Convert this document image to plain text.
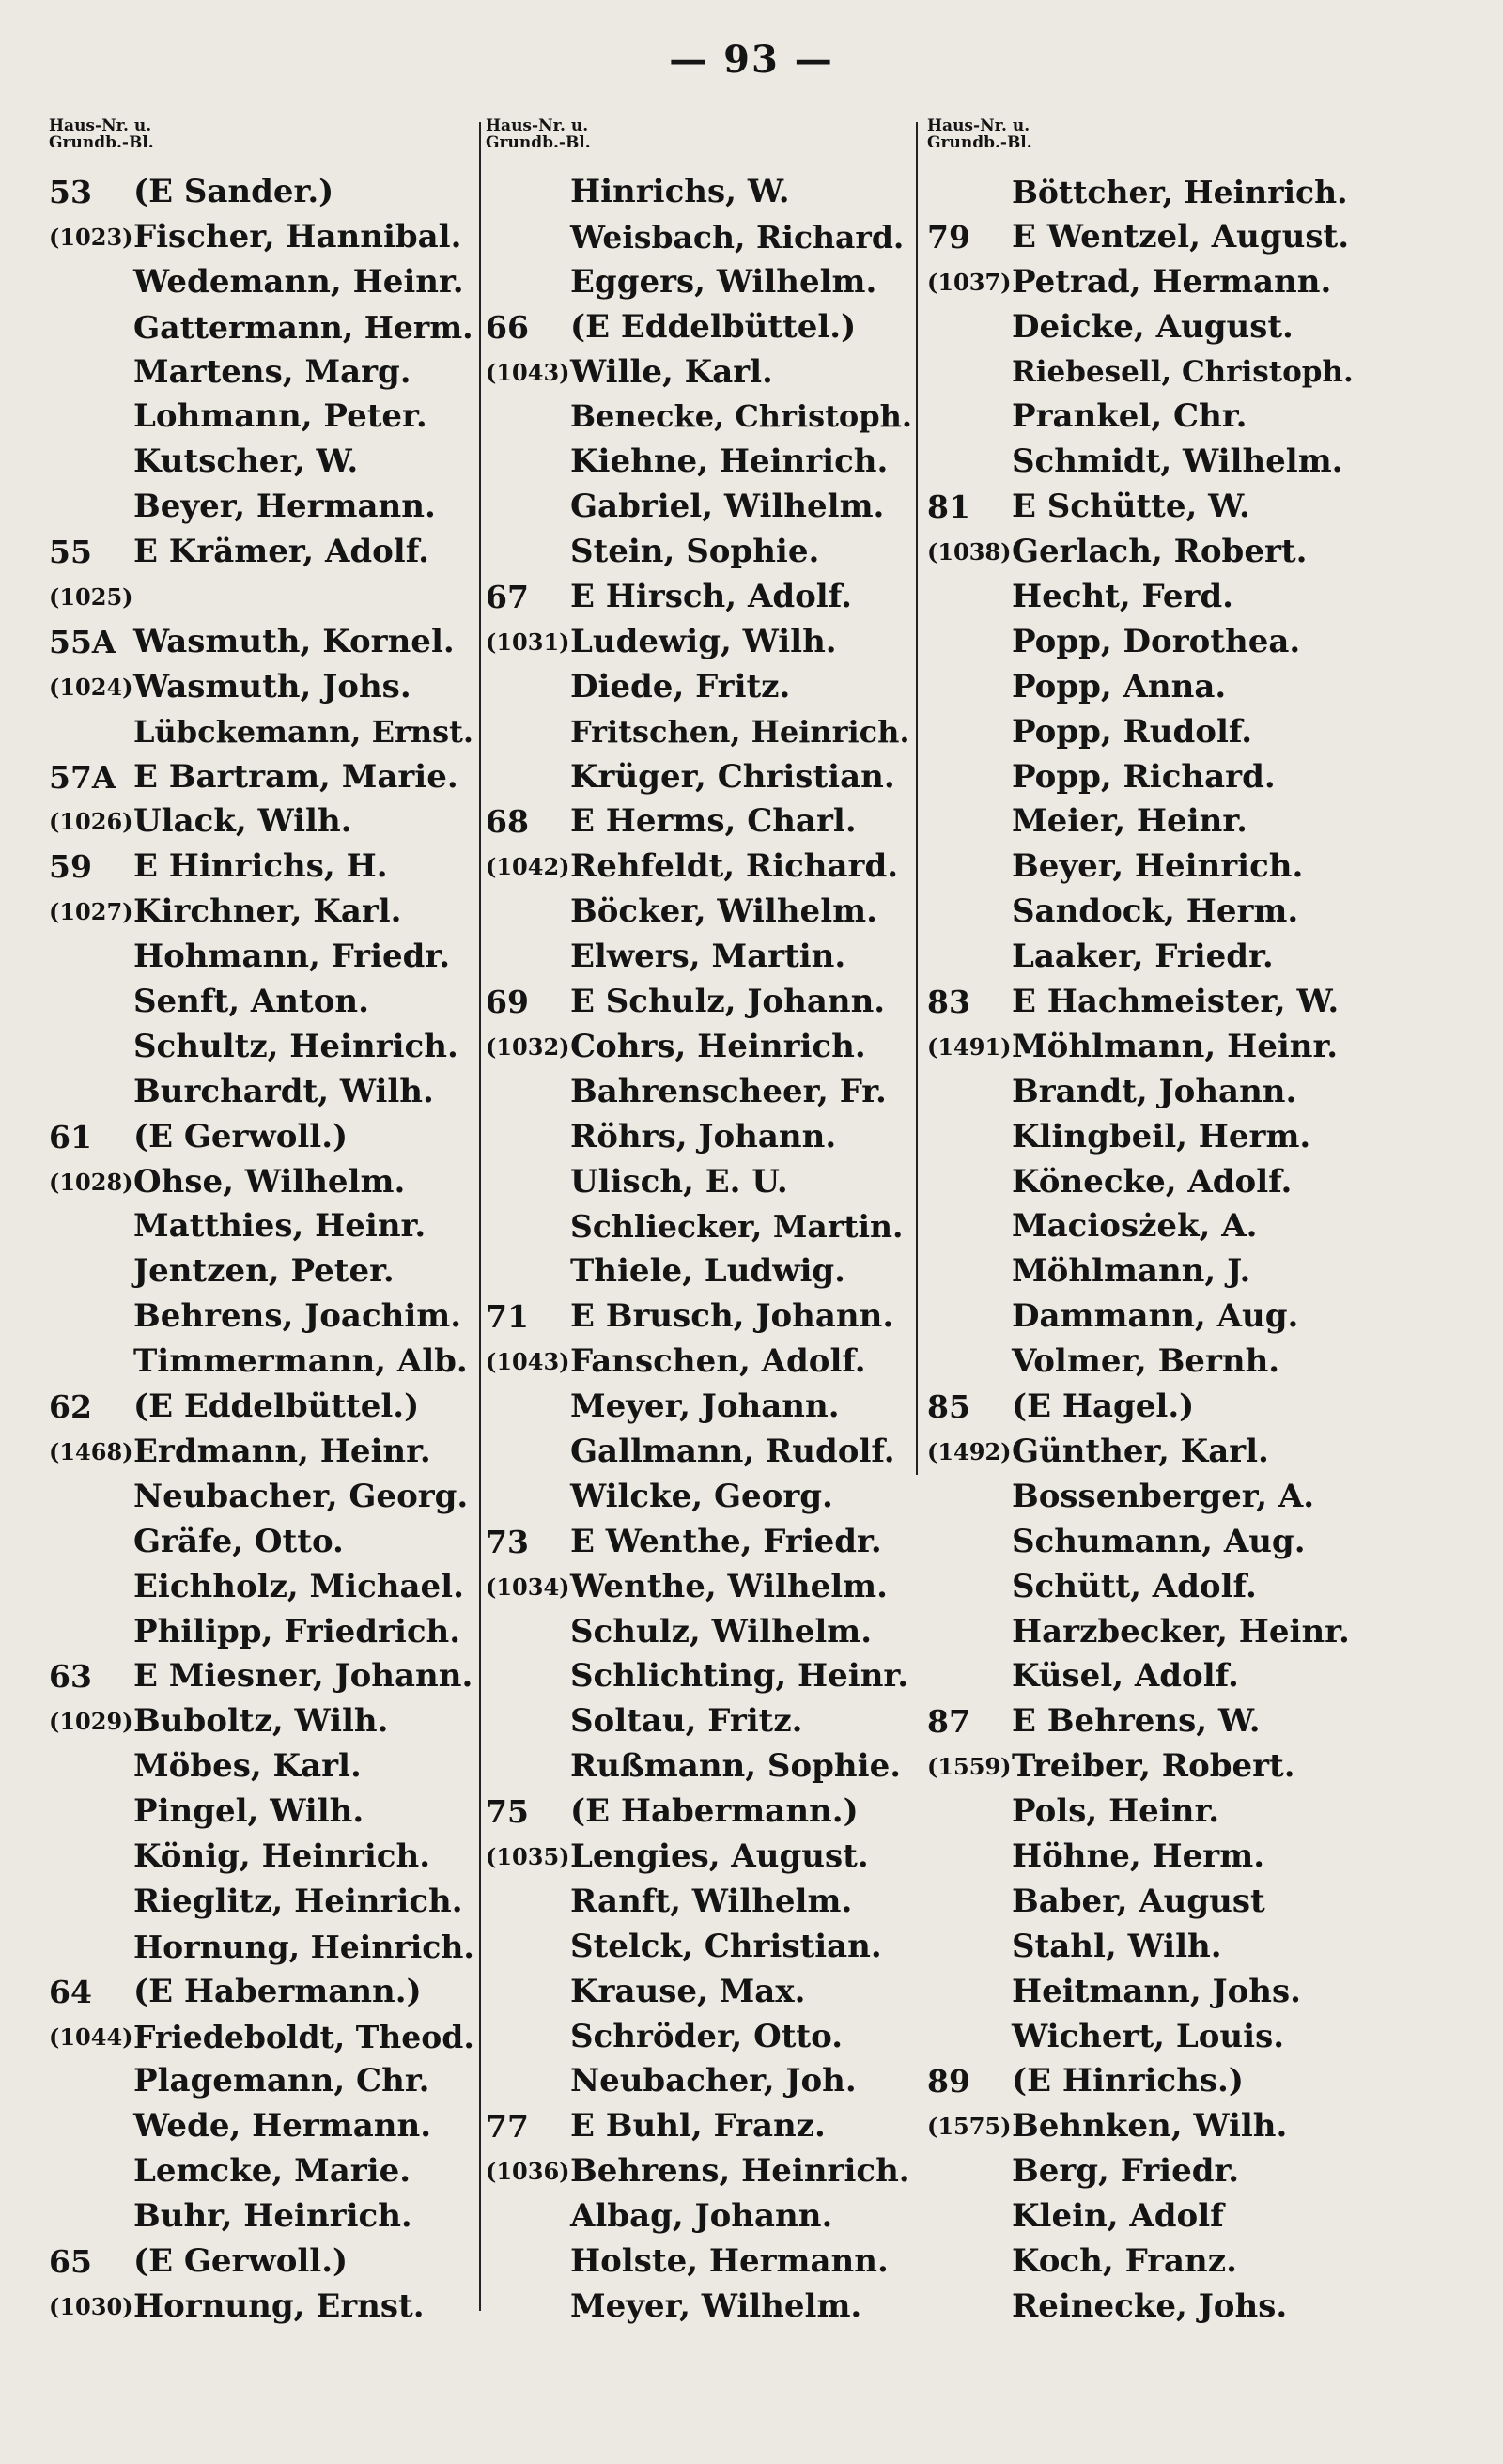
— 93 —
Haus-Nr. u.
Grundb.-Bl.
53	(E Sander.)
(1023) Fischer, Hannibal.
Wedemann, Heinr.
Gattermann, Herm.
Martens, Marg.
Lohmann, Peter.
Kutscher, W.
Beyer, Hermann.
55	E Krämer, Adolf.
(1025)
55A Wasmuth, Kornel.
(1024) Wasmuth, Johs.
Lübckemann, Ernst.
57A E Bartram, Marie.
(1026) Ulack, Wilh.
59	E Hinrichs, H.
(1027) Kirchner, Karl.
Hohmann, Friedr.
Senft, Anton.
Schultz, Heinrich.
Burchardt, Wilh.
61	(E Gerwoll.)
(1028) Ohse, Wilhelm.
Matthies, Heinr.
Jentzen, Peter.
Behrens, Joachim.
Timmermann, Alb.
62	(E Eddelbüttel.)
(1468) Erdmann, Heinr.
Neubacher, Georg.
Gräfe, Otto.
Eichholz, Michael.
Philipp, Friedrich.
63	E Miesner, Johann.
(1029) Buboltz, Wilh.
Möbes, Karl.
Pingel, Wilh.
König, Heinrich.
Rieglitz, Heinrich.
Hornung, Heinrich.
64	(E Habermann.)
(1044) Friedeboldt, Theod.
Plagemann, Chr.
Wede, Hermann.
Lemcke, Marie.
Buhr, Heinrich.
65	(E Gerwoll.)
(1030) Hornung, Ernst.
Haus-Nr. u.
Grundb.-Bl.
Hinrichs, W.
Weisbach, Richard.
Eggers, Wilhelm.
66	(E Eddelbüttel.)
(1043) Wille, Karl.
Benecke, Christoph.
Kiehne, Heinrich.
Gabriel, Wilhelm.
Stein, Sophie.
67	E Hirsch, Adolf.
(1031) Ludewig, Wilh.
Diede, Fritz.
Fritschen, Heinrich.
Krüger, Christian.
68	E Herms, Charl.
(1042) Rehfeldt, Richard.
Böcker, Wilhelm.
Elwers, Martin.
69	E Schulz, Johann.
(1032) Cohrs, Heinrich.
Bahrenscheer, Fr.
Röhrs, Johann.
Ulisch, E. U.
Schliecker, Martin.
Thiele, Ludwig.
71	E Brusch, Johann.
(1043) Fanschen, Adolf.
Meyer, Johann.
Gallmann, Rudolf.
Wilcke, Georg.
73	E Wenthe, Friedr.
(1034) Wenthe, Wilhelm.
Schulz, Wilhelm.
Schlichting, Heinr.
Soltau, Fritz.
Rußmann, Sophie.
75	(E Habermann.)
(1035) Lengies, August.
Ranft, Wilhelm.
Stelck, Christian.
Krause, Max.
Schröder, Otto.
Neubacher, Joh.
77	E Buhl, Franz.
(1036) Behrens, Heinrich.
Albag, Johann.
Holste, Hermann.
Meyer, Wilhelm.
Haus-Nr. u.
Grundb.-Bl.
Böttcher, Heinrich.
79	E Wentzel, August.
(1037) Petrad, Hermann.
Deicke, August.
Riebesell, Christoph.
Prankel, Chr.
Schmidt, Wilhelm.
81	E Schütte, W.
(1038) Gerlach, Robert.
Hecht, Ferd.
Popp, Dorothea.
Popp, Anna.
Popp, Rudolf.
Popp, Richard.
Meier, Heinr.
Beyer, Heinrich.
Sandock, Herm.
Laaker, Friedr.
83	E Hachmeister, W.
(1491) Möhlmann, Heinr.
Brandt, Johann.
Klingbeil, Herm.
Könecke, Adolf.
Maciosżek, A.
Möhlmann, J.
Dammann, Aug.
Volmer, Bernh.
85	(E Hagel.)
(1492) Günther, Karl.
Bossenberger, A.
Schumann, Aug.
Schütt, Adolf.
Harzbecker, Heinr.
Küsel, Adolf.
87	E Behrens, W.
(1559) Treiber, Robert.
Pols, Heinr.
Höhne, Herm.
Baber, August
Stahl, Wilh.
Heitmann, Johs.
Wichert, Louis.
89	(E Hinrichs.)
(1575) Behnken, Wilh.
Berg, Friedr.
Klein, Adolf
Koch, Franz.
Reinecke, Johs.
